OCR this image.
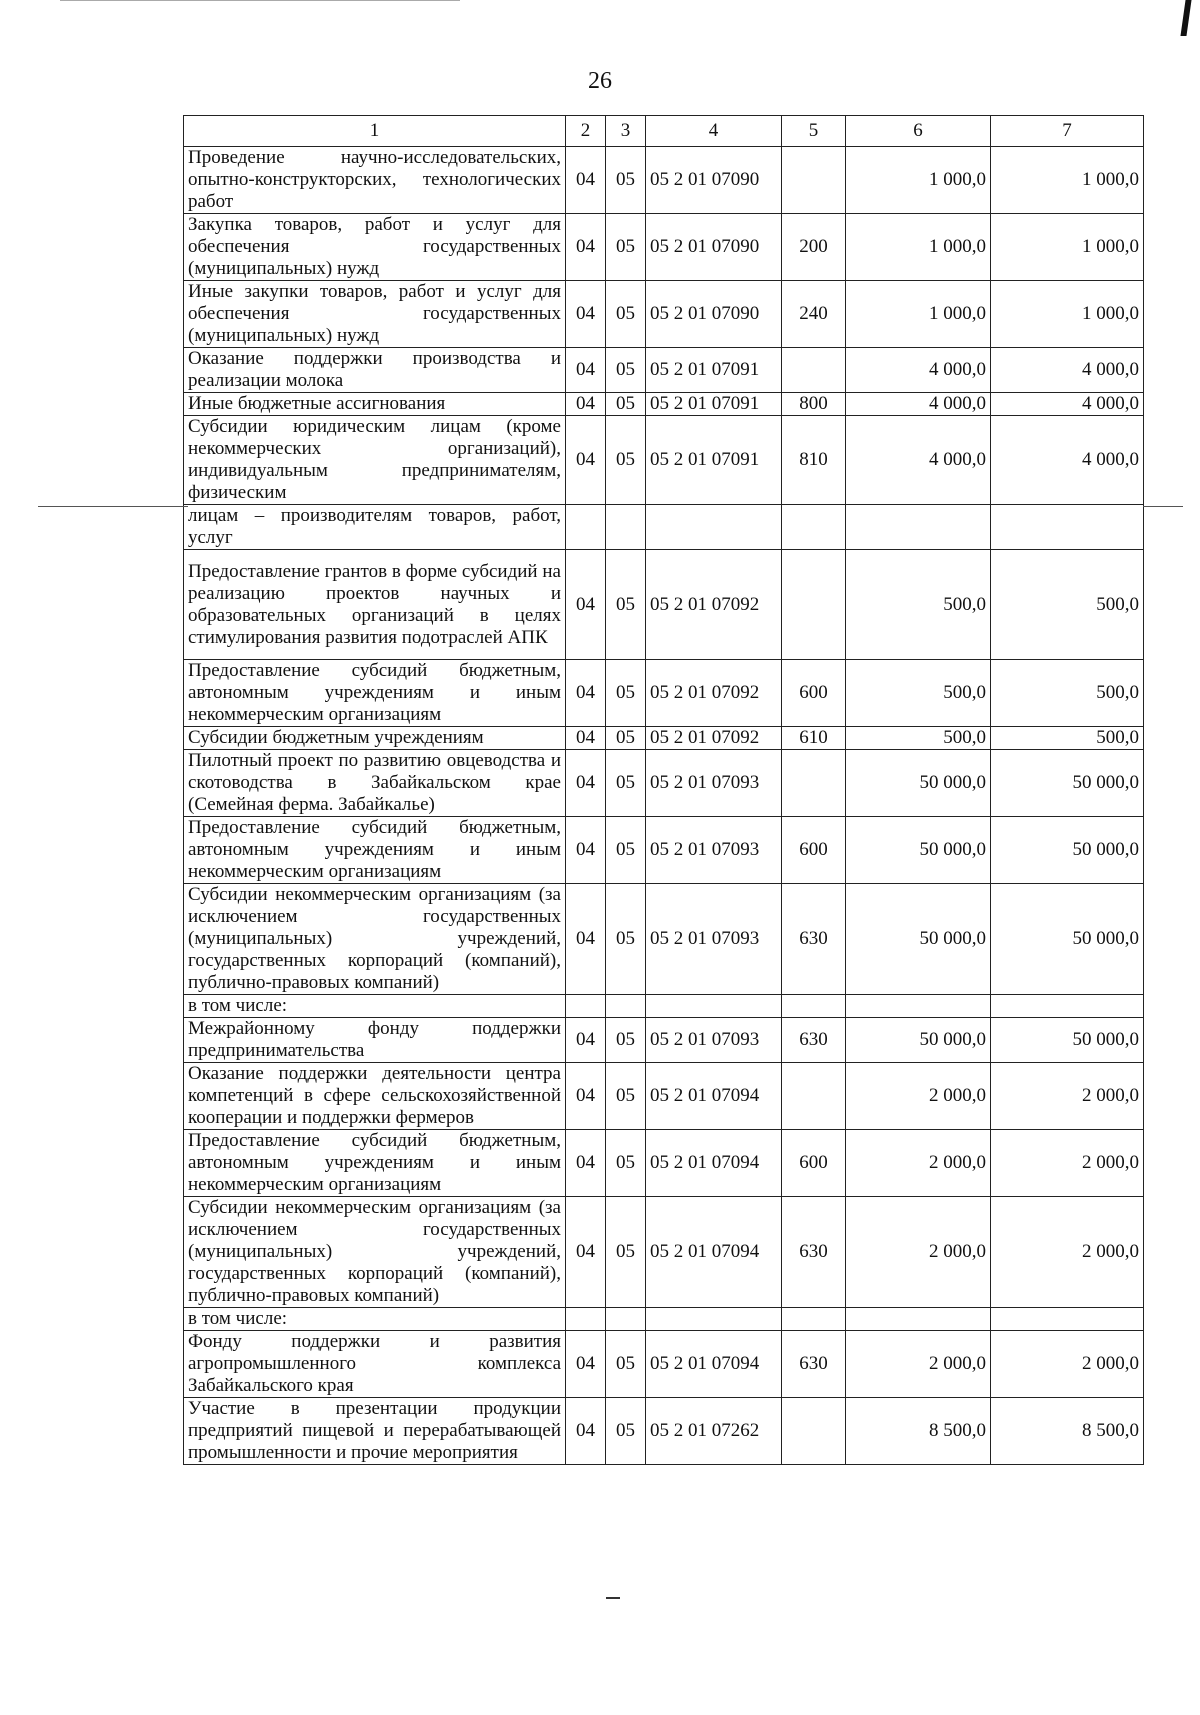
26
1	2	3	4	5	6	7
Проведение научно-исследовательских, опытно-конструкторских, технологических работ	04	05	05 2 01 07090		1 000,0	1 000,0
Закупка товаров, работ и услуг для обеспечения государственных (муниципальных) нужд	04	05	05 2 01 07090	200	1 000,0	1 000,0
Иные закупки товаров, работ и услуг для обеспечения государственных (муниципальных) нужд	04	05	05 2 01 07090	240	1 000,0	1 000,0
Оказание поддержки производства и реализации молока	04	05	05 2 01 07091		4 000,0	4 000,0
Иные бюджетные ассигнования	04	05	05 2 01 07091	800	4 000,0	4 000,0
Субсидии юридическим лицам (кроме некоммерческих организаций), индивидуальным предпринимателям, физическим	04	05	05 2 01 07091	810	4 000,0	4 000,0
лицам – производителям товаров, работ, услуг						
Предоставление грантов в форме субсидий на реализацию проектов научных и образовательных организаций в целях стимулирования развития подотраслей АПК	04	05	05 2 01 07092		500,0	500,0
Предоставление субсидий бюджетным, автономным учреждениям и иным некоммерческим организациям	04	05	05 2 01 07092	600	500,0	500,0
Субсидии бюджетным учреждениям	04	05	05 2 01 07092	610	500,0	500,0
Пилотный проект по развитию овцеводства и скотоводства в Забайкальском крае (Семейная ферма. Забайкалье)	04	05	05 2 01 07093		50 000,0	50 000,0
Предоставление субсидий бюджетным, автономным учреждениям и иным некоммерческим организациям	04	05	05 2 01 07093	600	50 000,0	50 000,0
Субсидии некоммерческим организациям (за исключением государственных (муниципальных) учреждений, государственных корпораций (компаний), публично-правовых компаний)	04	05	05 2 01 07093	630	50 000,0	50 000,0
в том числе:						
Межрайонному фонду поддержки предпринимательства	04	05	05 2 01 07093	630	50 000,0	50 000,0
Оказание поддержки деятельности центра компетенций в сфере сельскохозяйственной кооперации и поддержки фермеров	04	05	05 2 01 07094		2 000,0	2 000,0
Предоставление субсидий бюджетным, автономным учреждениям и иным некоммерческим организациям	04	05	05 2 01 07094	600	2 000,0	2 000,0
Субсидии некоммерческим организациям (за исключением государственных (муниципальных) учреждений, государственных корпораций (компаний), публично-правовых компаний)	04	05	05 2 01 07094	630	2 000,0	2 000,0
в том числе:						
Фонду поддержки и развития агропромышленного комплекса Забайкальского края	04	05	05 2 01 07094	630	2 000,0	2 000,0
Участие в презентации продукции предприятий пищевой и перерабатывающей промышленности и прочие мероприятия	04	05	05 2 01 07262		8 500,0	8 500,0
